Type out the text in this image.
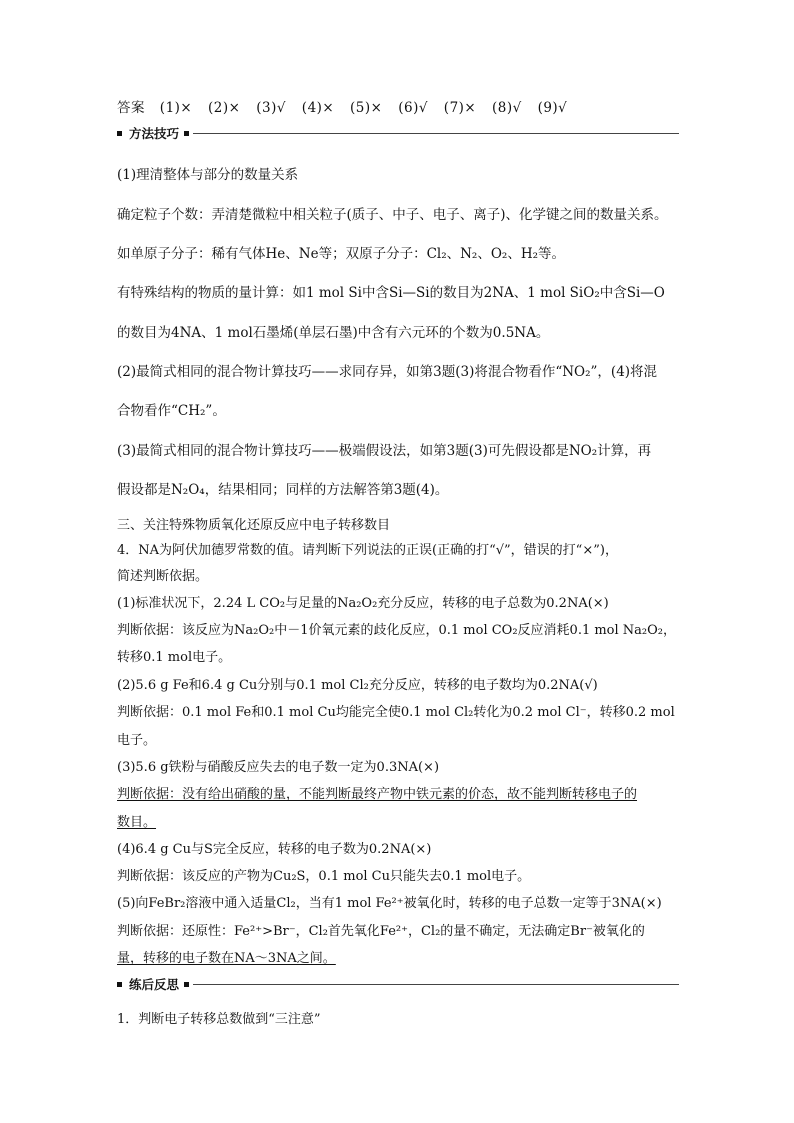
答案 (1)× (2)× (3)√ (4)× (5)× (6)√ (7)× (8)√ (9)√
方法技巧
(1)理清整体与部分的数量关系
确定粒子个数：弄清楚微粒中相关粒子(质子、中子、电子、离子)、化学键之间的数量关系。
如单原子分子：稀有气体He、Ne等；双原子分子：Cl₂、N₂、O₂、H₂等。
有特殊结构的物质的量计算：如1 mol Si中含Si—Si的数目为2NA、1 mol SiO₂中含Si—O
的数目为4NA、1 mol石墨烯(单层石墨)中含有六元环的个数为0.5NA。
(2)最简式相同的混合物计算技巧——求同存异，如第3题(3)将混合物看作“NO₂”，(4)将混
合物看作“CH₂”。
(3)最简式相同的混合物计算技巧——极端假设法，如第3题(3)可先假设都是NO₂计算，再
假设都是N₂O₄，结果相同；同样的方法解答第3题(4)。
三、关注特殊物质氧化还原反应中电子转移数目
4．NA为阿伏加德罗常数的值。请判断下列说法的正误(正确的打“√”，错误的打“×”)，
简述判断依据。
(1)标准状况下，2.24 L CO₂与足量的Na₂O₂充分反应，转移的电子总数为0.2NA(×)
判断依据：该反应为Na₂O₂中－1价氧元素的歧化反应，0.1 mol CO₂反应消耗0.1 mol Na₂O₂，
转移0.1 mol电子。
(2)5.6 g Fe和6.4 g Cu分别与0.1 mol Cl₂充分反应，转移的电子数均为0.2NA(√)
判断依据：0.1 mol Fe和0.1 mol Cu均能完全使0.1 mol Cl₂转化为0.2 mol Cl⁻，转移0.2 mol
电子。
(3)5.6 g铁粉与硝酸反应失去的电子数一定为0.3NA(×)
判断依据：没有给出硝酸的量，不能判断最终产物中铁元素的价态，故不能判断转移电子的
数目。
(4)6.4 g Cu与S完全反应，转移的电子数为0.2NA(×)
判断依据：该反应的产物为Cu₂S，0.1 mol Cu只能失去0.1 mol电子。
(5)向FeBr₂溶液中通入适量Cl₂，当有1 mol Fe²⁺被氧化时，转移的电子总数一定等于3NA(×)
判断依据：还原性：Fe²⁺>Br⁻，Cl₂首先氧化Fe²⁺，Cl₂的量不确定，无法确定Br⁻被氧化的
量，转移的电子数在NA～3NA之间。
练后反思
1．判断电子转移总数做到“三注意”
